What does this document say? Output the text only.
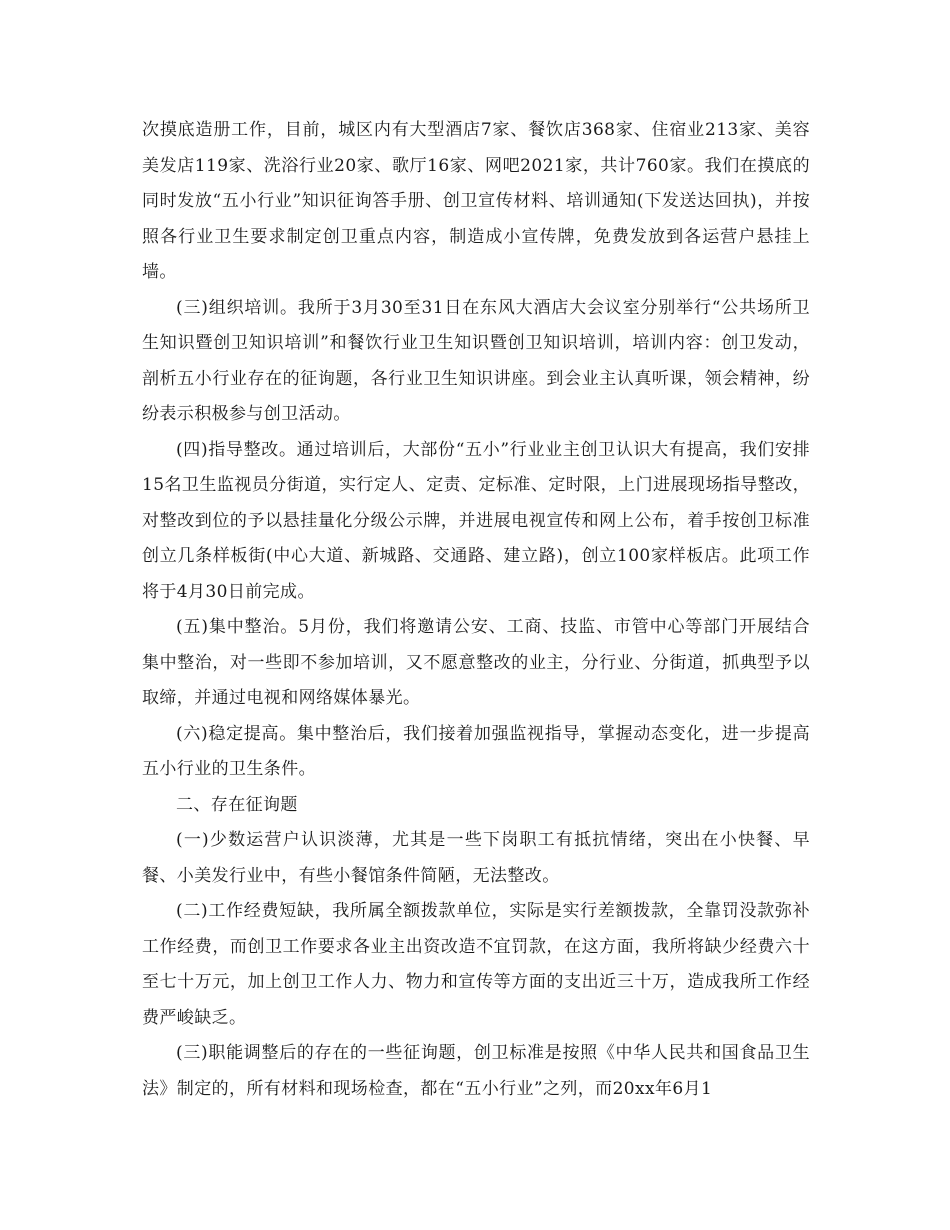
次摸底造册工作，目前，城区内有大型酒店7家、餐饮店368家、住宿业213家、美容美发店119家、洗浴行业20家、歌厅16家、网吧2021家，共计760家。我们在摸底的同时发放“五小行业”知识征询答手册、创卫宣传材料、培训通知(下发送达回执)，并按照各行业卫生要求制定创卫重点内容，制造成小宣传牌，免费发放到各运营户悬挂上墙。

(三)组织培训。我所于3月30至31日在东风大酒店大会议室分别举行“公共场所卫生知识暨创卫知识培训”和餐饮行业卫生知识暨创卫知识培训，培训内容：创卫发动，剖析五小行业存在的征询题，各行业卫生知识讲座。到会业主认真听课，领会精神，纷纷表示积极参与创卫活动。

(四)指导整改。通过培训后，大部份“五小”行业业主创卫认识大有提高，我们安排15名卫生监视员分街道，实行定人、定责、定标准、定时限，上门进展现场指导整改，对整改到位的予以悬挂量化分级公示牌，并进展电视宣传和网上公布，着手按创卫标准创立几条样板街(中心大道、新城路、交通路、建立路)，创立100家样板店。此项工作将于4月30日前完成。

(五)集中整治。5月份，我们将邀请公安、工商、技监、市管中心等部门开展结合集中整治，对一些即不参加培训，又不愿意整改的业主，分行业、分街道，抓典型予以取缔，并通过电视和网络媒体暴光。

(六)稳定提高。集中整治后，我们接着加强监视指导，掌握动态变化，进一步提高五小行业的卫生条件。

二、存在征询题

(一)少数运营户认识淡薄，尤其是一些下岗职工有抵抗情绪，突出在小快餐、早餐、小美发行业中，有些小餐馆条件简陋，无法整改。

(二)工作经费短缺，我所属全额拨款单位，实际是实行差额拨款，全靠罚没款弥补工作经费，而创卫工作要求各业主出资改造不宜罚款，在这方面，我所将缺少经费六十至七十万元，加上创卫工作人力、物力和宣传等方面的支出近三十万，造成我所工作经费严峻缺乏。

(三)职能调整后的存在的一些征询题，创卫标准是按照《中华人民共和国食品卫生法》制定的，所有材料和现场检查，都在“五小行业”之列，而20xx年6月1
